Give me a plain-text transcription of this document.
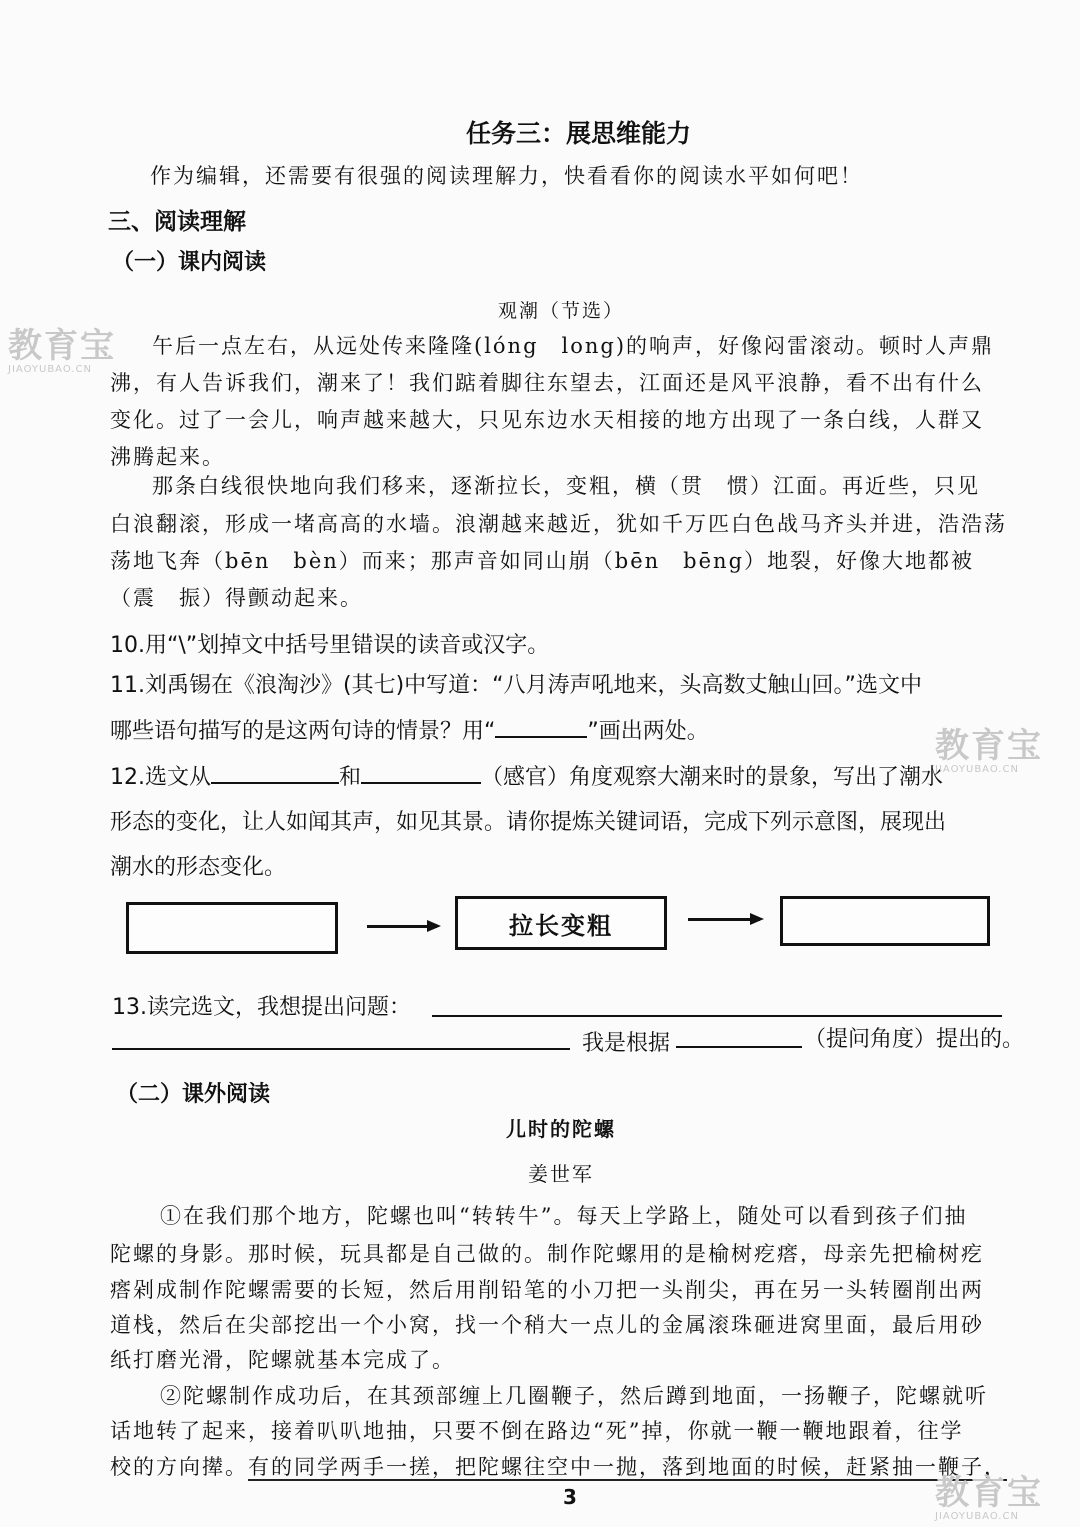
任务三：展思维能力
作为编辑，还需要有很强的阅读理解力，快看看你的阅读水平如何吧！
三、阅读理解
（一）课内阅读
观潮（节选）
午后一点左右，从远处传来隆隆(lóng　long)的响声，好像闷雷滚动。顿时人声鼎
沸，有人告诉我们，潮来了！我们踮着脚往东望去，江面还是风平浪静，看不出有什么
变化。过了一会儿，响声越来越大，只见东边水天相接的地方出现了一条白线，人群又
沸腾起来。
那条白线很快地向我们移来，逐渐拉长，变粗，横（贯　惯）江面。再近些，只见
白浪翻滚，形成一堵高高的水墙。浪潮越来越近，犹如千万匹白色战马齐头并进，浩浩荡
荡地飞奔（bēn　bèn）而来；那声音如同山崩（bēn　bēng）地裂，好像大地都被
（震　振）得颤动起来。
10.用“\”划掉文中括号里错误的读音或汉字。
11.刘禹锡在《浪淘沙》(其七)中写道：“八月涛声吼地来，头高数丈触山回。”选文中
哪些语句描写的是这两句诗的情景？用“	”画出两处。
12.选文从	和	（感官）角度观察大潮来时的景象，写出了潮水
形态的变化，让人如闻其声，如见其景。请你提炼关键词语，完成下列示意图，展现出
潮水的形态变化。
拉长变粗
13.读完选文，我想提出问题：
我是根据	（提问角度）提出的。
（二）课外阅读
儿时的陀螺
姜世军
①在我们那个地方，陀螺也叫“转转牛”。每天上学路上，随处可以看到孩子们抽
陀螺的身影。那时候，玩具都是自己做的。制作陀螺用的是榆树疙瘩，母亲先把榆树疙
瘩剁成制作陀螺需要的长短，然后用削铅笔的小刀把一头削尖，再在另一头转圈削出两
道栈，然后在尖部挖出一个小窝，找一个稍大一点儿的金属滚珠砸进窝里面，最后用砂
纸打磨光滑，陀螺就基本完成了。
②陀螺制作成功后，在其颈部缠上几圈鞭子，然后蹲到地面，一扬鞭子，陀螺就听
话地转了起来，接着叭叭地抽，只要不倒在路边“死”掉，你就一鞭一鞭地跟着，往学
校的方向撵。有的同学两手一搓，把陀螺往空中一抛，落到地面的时候，赶紧抽一鞭子，
3
教育宝
JIAOYUBAO.CN
教育宝
JIAOYUBAO.CN
教育宝
JIAOYUBAO.CN
